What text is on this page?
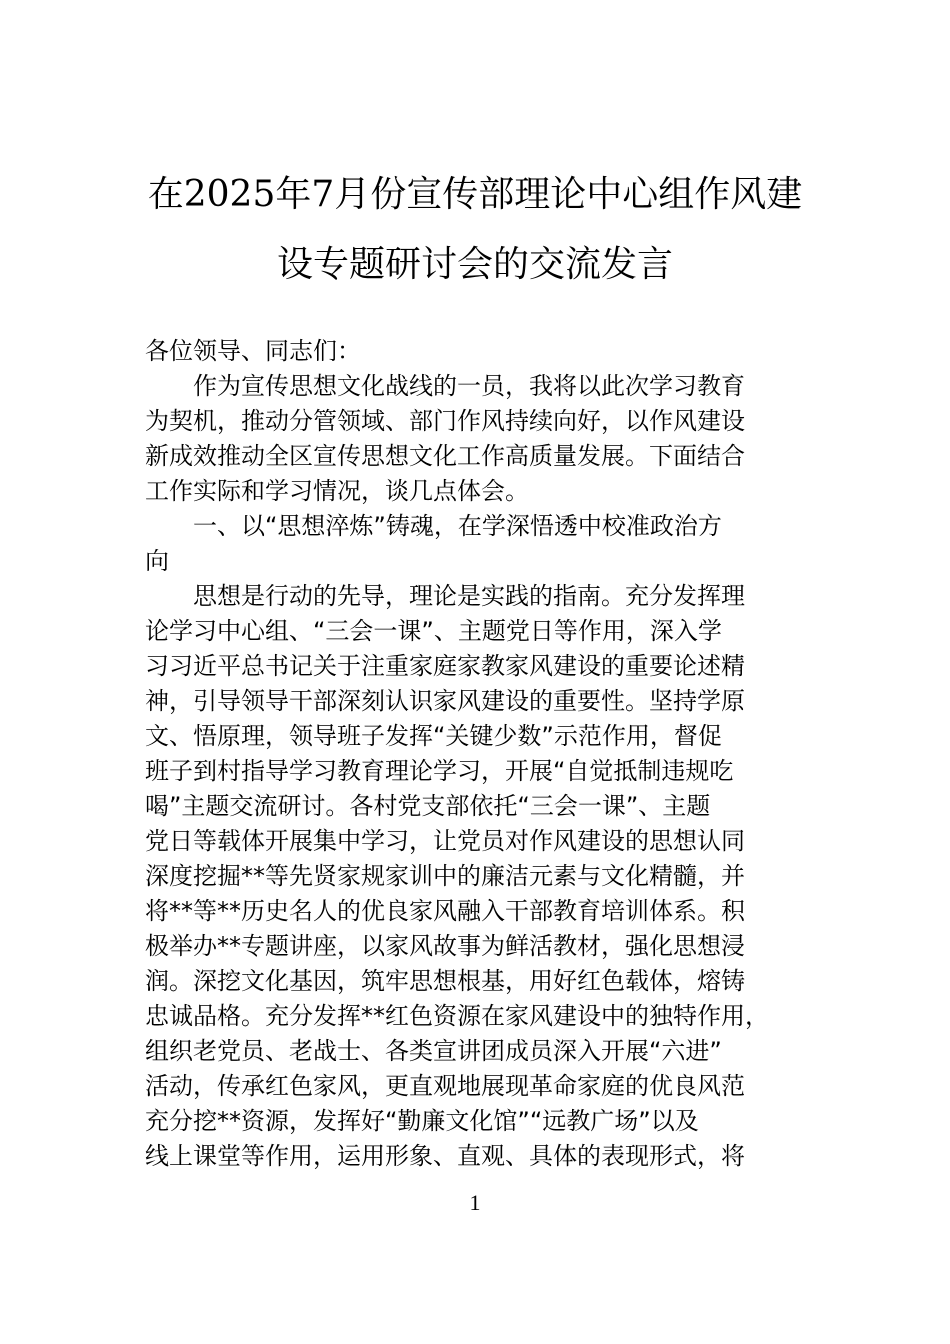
在2025年7月份宣传部理论中心组作风建
设专题研讨会的交流发言
各位领导、同志们：
　　作为宣传思想文化战线的一员，我将以此次学习教育
为契机，推动分管领域、部门作风持续向好，以作风建设
新成效推动全区宣传思想文化工作高质量发展。下面结合
工作实际和学习情况，谈几点体会。
　　一、以“思想淬炼”铸魂，在学深悟透中校准政治方
向
　　思想是行动的先导，理论是实践的指南。充分发挥理
论学习中心组、“三会一课”、主题党日等作用，深入学
习习近平总书记关于注重家庭家教家风建设的重要论述精
神，引导领导干部深刻认识家风建设的重要性。坚持学原
文、悟原理，领导班子发挥“关键少数”示范作用，督促
班子到村指导学习教育理论学习，开展“自觉抵制违规吃
喝”主题交流研讨。各村党支部依托“三会一课”、主题
党日等载体开展集中学习，让党员对作风建设的思想认同
深度挖掘**等先贤家规家训中的廉洁元素与文化精髓，并
将**等**历史名人的优良家风融入干部教育培训体系。积
极举办**专题讲座，以家风故事为鲜活教材，强化思想浸
润。深挖文化基因，筑牢思想根基，用好红色载体，熔铸
忠诚品格。充分发挥**红色资源在家风建设中的独特作用，
组织老党员、老战士、各类宣讲团成员深入开展“六进”
活动，传承红色家风，更直观地展现革命家庭的优良风范
充分挖**资源，发挥好“勤廉文化馆”“远教广场”以及
线上课堂等作用，运用形象、直观、具体的表现形式，将
1
